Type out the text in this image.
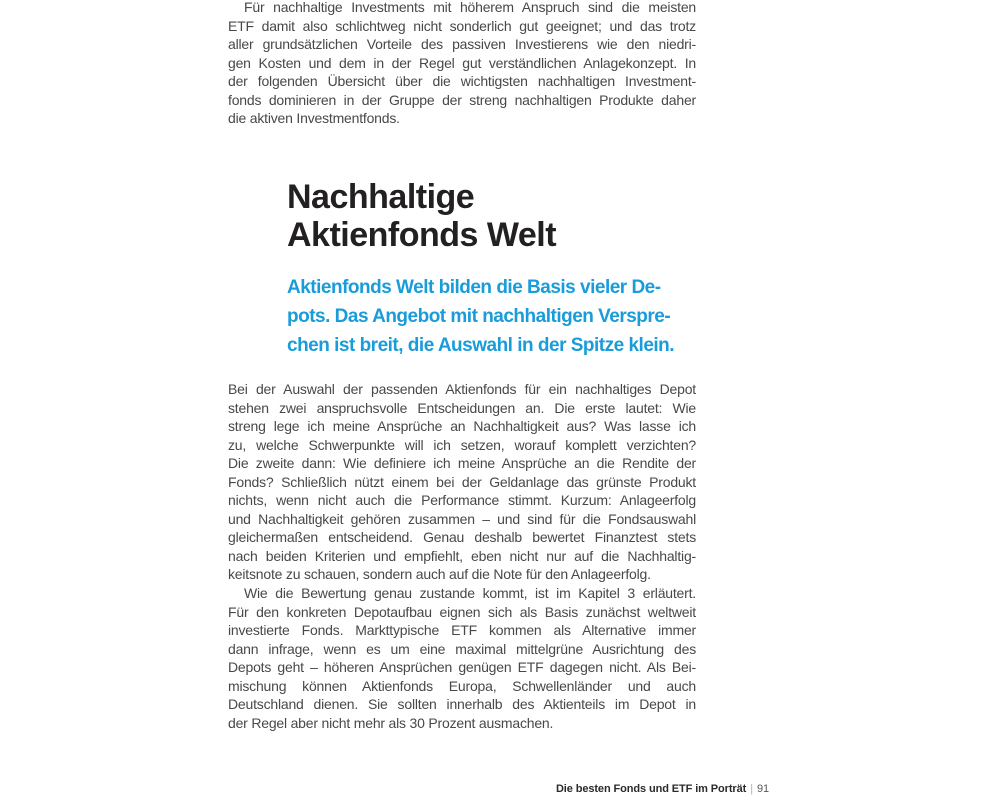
Für nachhaltige Investments mit höherem Anspruch sind die meisten
ETF damit also schlichtweg nicht sonderlich gut geeignet; und das trotz
aller grundsätzlichen Vorteile des passiven Investierens wie den niedri-
gen Kosten und dem in der Regel gut verständlichen Anlagekonzept. In
der folgenden Übersicht über die wichtigsten nachhaltigen Investment-
fonds dominieren in der Gruppe der streng nachhaltigen Produkte daher
die aktiven Investmentfonds.
Nachhaltige
Aktienfonds Welt
Aktienfonds Welt bilden die Basis vieler De-
pots. Das Angebot mit nachhaltigen Verspre-
chen ist breit, die Auswahl in der Spitze klein.
Bei der Auswahl der passenden Aktienfonds für ein nachhaltiges Depot
stehen zwei anspruchsvolle Entscheidungen an. Die erste lautet: Wie
streng lege ich meine Ansprüche an Nachhaltigkeit aus? Was lasse ich
zu, welche Schwerpunkte will ich setzen, worauf komplett verzichten?
Die zweite dann: Wie definiere ich meine Ansprüche an die Rendite der
Fonds? Schließlich nützt einem bei der Geldanlage das grünste Produkt
nichts, wenn nicht auch die Performance stimmt. Kurzum: Anlageerfolg
und Nachhaltigkeit gehören zusammen – und sind für die Fondsauswahl
gleichermaßen entscheidend. Genau deshalb bewertet Finanztest stets
nach beiden Kriterien und empfiehlt, eben nicht nur auf die Nachhaltig-
keitsnote zu schauen, sondern auch auf die Note für den Anlageerfolg.
Wie die Bewertung genau zustande kommt, ist im Kapitel 3 erläutert.
Für den konkreten Depotaufbau eignen sich als Basis zunächst weltweit
investierte Fonds. Markttypische ETF kommen als Alternative immer
dann infrage, wenn es um eine maximal mittelgrüne Ausrichtung des
Depots geht – höheren Ansprüchen genügen ETF dagegen nicht. Als Bei-
mischung können Aktienfonds Europa, Schwellenländer und auch
Deutschland dienen. Sie sollten innerhalb des Aktienteils im Depot in
der Regel aber nicht mehr als 30 Prozent ausmachen.
Die besten Fonds und ETF im Porträt | 91
